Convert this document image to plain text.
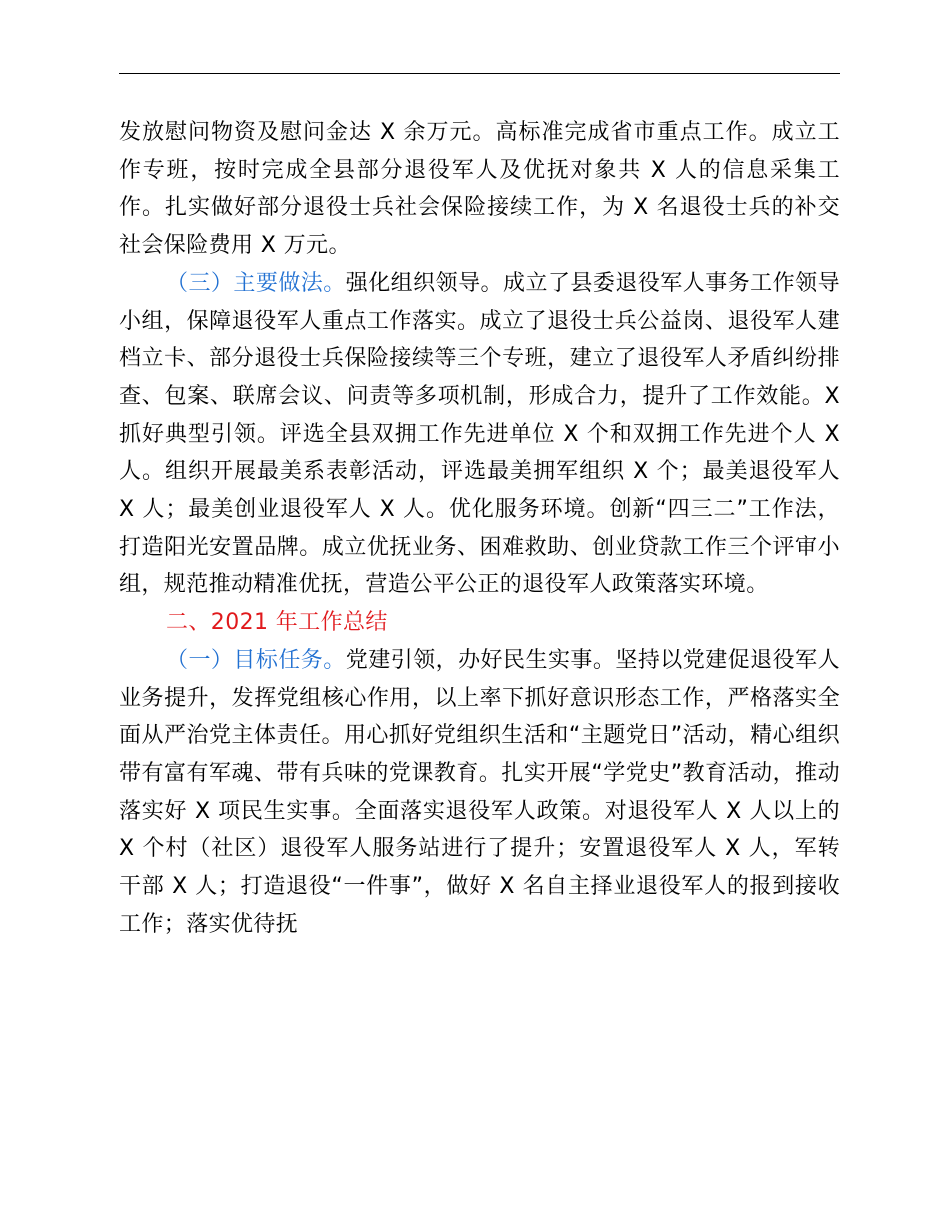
发放慰问物资及慰问金达 X 余万元。高标准完成省市重点工作。成立工作专班，按时完成全县部分退役军人及优抚对象共 X 人的信息采集工作。扎实做好部分退役士兵社会保险接续工作，为 X 名退役士兵的补交社会保险费用 X 万元。

（三）主要做法。强化组织领导。成立了县委退役军人事务工作领导小组，保障退役军人重点工作落实。成立了退役士兵公益岗、退役军人建档立卡、部分退役士兵保险接续等三个专班，建立了退役军人矛盾纠纷排查、包案、联席会议、问责等多项机制，形成合力，提升了工作效能。X 抓好典型引领。评选全县双拥工作先进单位 X 个和双拥工作先进个人 X 人。组织开展最美系表彰活动，评选最美拥军组织 X 个；最美退役军人 X 人；最美创业退役军人 X 人。优化服务环境。创新“四三二”工作法，打造阳光安置品牌。成立优抚业务、困难救助、创业贷款工作三个评审小组，规范推动精准优抚，营造公平公正的退役军人政策落实环境。

二、2021 年工作总结

（一）目标任务。党建引领，办好民生实事。坚持以党建促退役军人业务提升，发挥党组核心作用，以上率下抓好意识形态工作，严格落实全面从严治党主体责任。用心抓好党组织生活和“主题党日”活动，精心组织带有富有军魂、带有兵味的党课教育。扎实开展“学党史”教育活动，推动落实好 X 项民生实事。全面落实退役军人政策。对退役军人 X 人以上的 X 个村（社区）退役军人服务站进行了提升；安置退役军人 X 人，军转干部 X 人；打造退役“一件事”，做好 X 名自主择业退役军人的报到接收工作；落实优待抚
